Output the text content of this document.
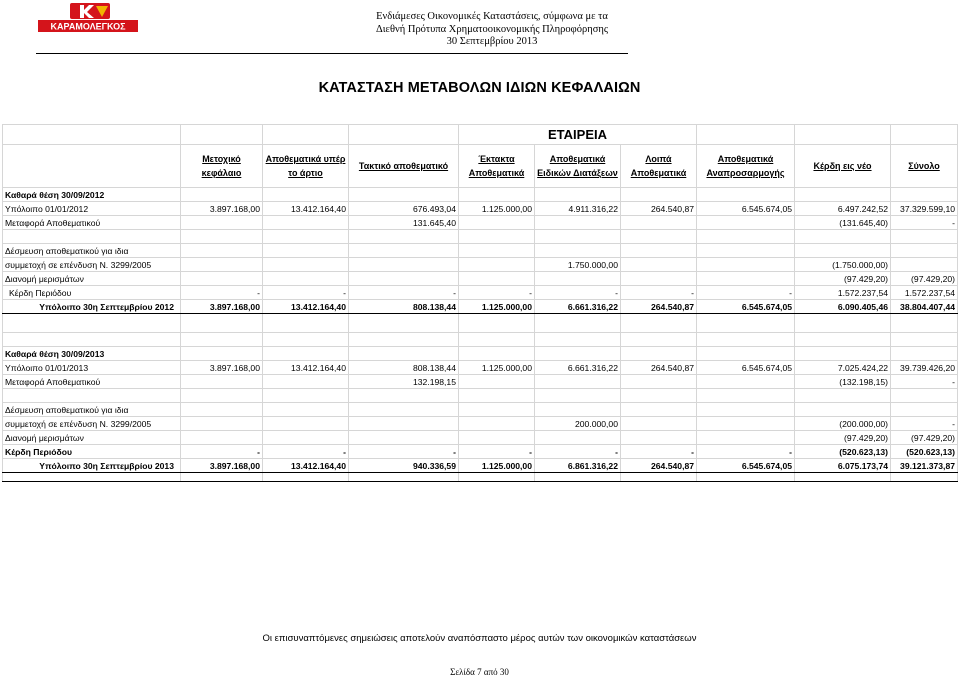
ΚΑΡΑΜΟΛΕΓΚΟΣ
Ενδιάμεσες Οικονομικές Καταστάσεις, σύμφωνα με τα
Διεθνή Πρότυπα Χρηματοοικονομικής Πληροφόρησης
30 Σεπτεμβρίου 2013
ΚΑΤΑΣΤΑΣΗ ΜΕΤΑΒΟΛΩΝ ΙΔΙΩΝ ΚΕΦΑΛΑΙΩΝ
				ΕΤΑΙΡΕΙΑ					
	Μετοχικό κεφάλαιο	Αποθεματικά υπέρ το άρτιο	Τακτικό αποθεματικό	Έκτακτα Αποθεματικά	Αποθεματικά Ειδικών Διατάξεων	Λοιπά Αποθεματικά	Αποθεματικά Αναπροσαρμογής	Κέρδη εις νέο	Σύνολο
Καθαρά θέση 30/09/2012									
Υπόλοιπο 01/01/2012	3.897.168,00	13.412.164,40	676.493,04	1.125.000,00	4.911.316,22	264.540,87	6.545.674,05	6.497.242,52	37.329.599,10
Μεταφορά Αποθεματικού			131.645,40					(131.645,40)	-

Δέσμευση αποθεματικού για ιδια									
συμμετοχή σε επένδυση Ν. 3299/2005					1.750.000,00			(1.750.000,00)	
Διανομή μερισμάτων								(97.429,20)	(97.429,20)
Κέρδη Περιόδου	-	-	-	-	-	-	-	1.572.237,54	1.572.237,54
Υπόλοιπο 30η Σεπτεμβρίου 2012	3.897.168,00	13.412.164,40	808.138,44	1.125.000,00	6.661.316,22	264.540,87	6.545.674,05	6.090.405,46	38.804.407,44

Καθαρά θέση 30/09/2013									
Υπόλοιπο 01/01/2013	3.897.168,00	13.412.164,40	808.138,44	1.125.000,00	6.661.316,22	264.540,87	6.545.674,05	7.025.424,22	39.739.426,20
Μεταφορά Αποθεματικού			132.198,15					(132.198,15)	-

Δέσμευση αποθεματικού για ιδια									
συμμετοχή σε επένδυση Ν. 3299/2005					200.000,00			(200.000,00)	-
Διανομή μερισμάτων								(97.429,20)	(97.429,20)
Κέρδη Περιόδου	-	-	-	-	-	-	-	(520.623,13)	(520.623,13)
Υπόλοιπο 30η Σεπτεμβρίου 2013	3.897.168,00	13.412.164,40	940.336,59	1.125.000,00	6.861.316,22	264.540,87	6.545.674,05	6.075.173,74	39.121.373,87

Οι επισυναπτόμενες σημειώσεις αποτελούν αναπόσπαστο μέρος αυτών των οικονομικών καταστάσεων
Σελίδα 7 από 30
